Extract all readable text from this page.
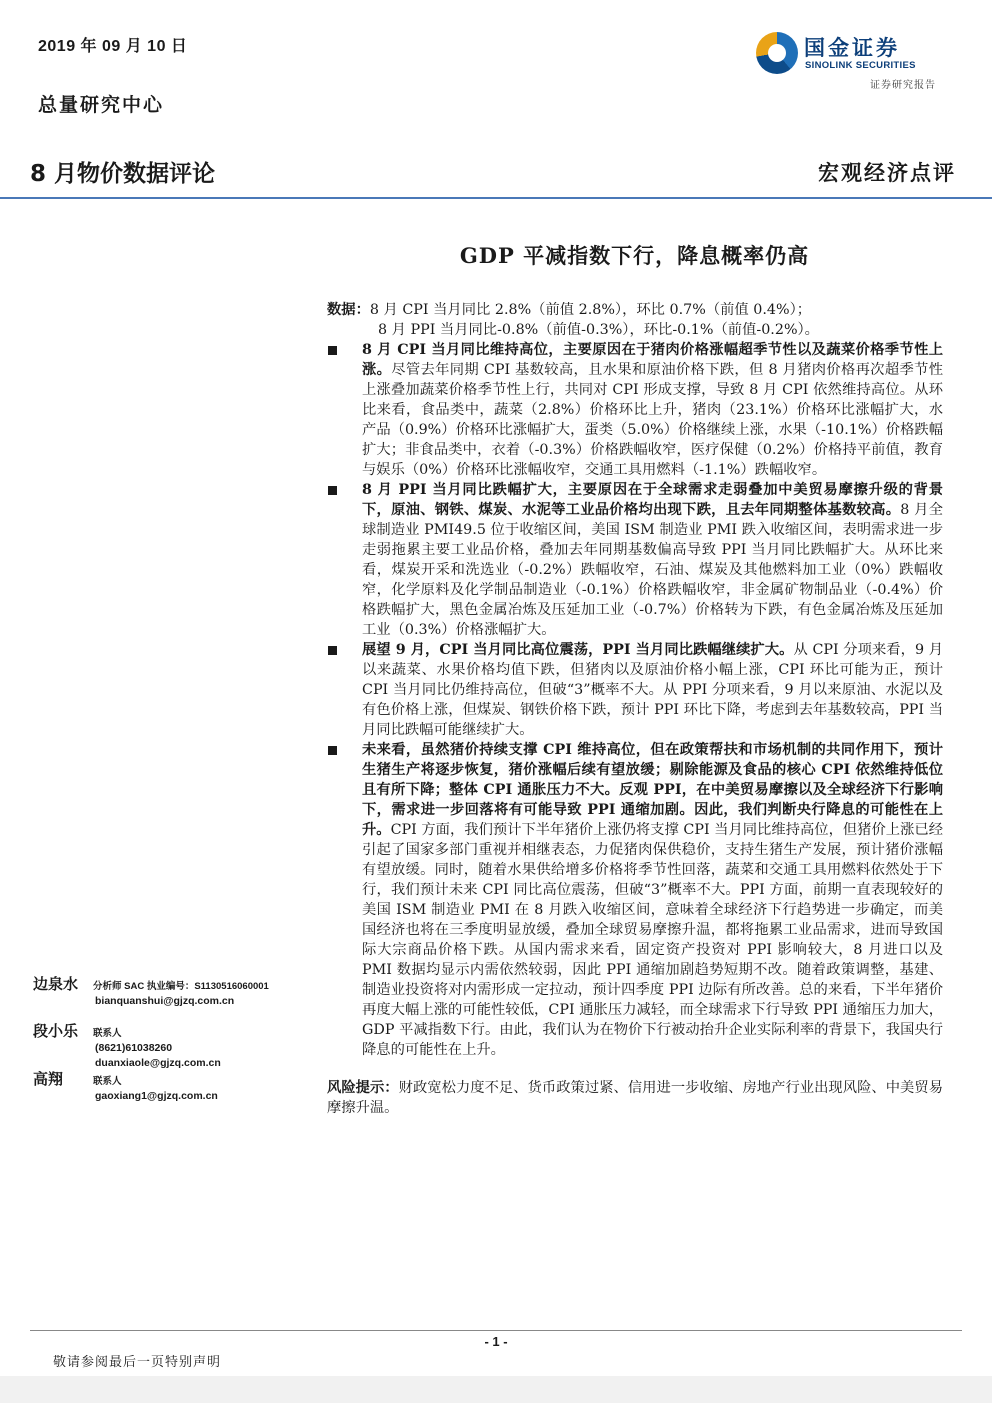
2019 年 09 月 10 日
总量研究中心
国金证券
SINOLINK SECURITIES
证券研究报告
8 月物价数据评论	宏观经济点评
GDP 平减指数下行，降息概率仍高

数据：8 月 CPI 当月同比 2.8%（前值 2.8%），环比 0.7%（前值 0.4%）；

8 月 PPI 当月同比-0.8%（前值-0.3%），环比-0.1%（前值-0.2%）。

8 月 CPI 当月同比维持高位，主要原因在于猪肉价格涨幅超季节性以及蔬菜价格季节性上涨。尽管去年同期 CPI 基数较高，且水果和原油价格下跌，但 8 月猪肉价格再次超季节性上涨叠加蔬菜价格季节性上行，共同对 CPI 形成支撑，导致 8 月 CPI 依然维持高位。从环比来看，食品类中，蔬菜（2.8%）价格环比上升，猪肉（23.1%）价格环比涨幅扩大，水产品（0.9%）价格环比涨幅扩大，蛋类（5.0%）价格继续上涨，水果（-10.1%）价格跌幅扩大；非食品类中，衣着（-0.3%）价格跌幅收窄，医疗保健（0.2%）价格持平前值，教育与娱乐（0%）价格环比涨幅收窄，交通工具用燃料（-1.1%）跌幅收窄。

8 月 PPI 当月同比跌幅扩大，主要原因在于全球需求走弱叠加中美贸易摩擦升级的背景下，原油、钢铁、煤炭、水泥等工业品价格均出现下跌，且去年同期整体基数较高。8 月全球制造业 PMI49.5 位于收缩区间，美国 ISM 制造业 PMI 跌入收缩区间，表明需求进一步走弱拖累主要工业品价格，叠加去年同期基数偏高导致 PPI 当月同比跌幅扩大。从环比来看，煤炭开采和洗选业（-0.2%）跌幅收窄，石油、煤炭及其他燃料加工业（0%）跌幅收窄，化学原料及化学制品制造业（-0.1%）价格跌幅收窄，非金属矿物制品业（-0.4%）价格跌幅扩大，黑色金属冶炼及压延加工业（-0.7%）价格转为下跌，有色金属冶炼及压延加工业（0.3%）价格涨幅扩大。

展望 9 月，CPI 当月同比高位震荡，PPI 当月同比跌幅继续扩大。从 CPI 分项来看，9 月以来蔬菜、水果价格均值下跌，但猪肉以及原油价格小幅上涨，CPI 环比可能为正，预计 CPI 当月同比仍维持高位，但破“3”概率不大。从 PPI 分项来看，9 月以来原油、水泥以及有色价格上涨，但煤炭、钢铁价格下跌，预计 PPI 环比下降，考虑到去年基数较高，PPI 当月同比跌幅可能继续扩大。

未来看，虽然猪价持续支撑 CPI 维持高位，但在政策帮扶和市场机制的共同作用下，预计生猪生产将逐步恢复，猪价涨幅后续有望放缓；剔除能源及食品的核心 CPI 依然维持低位且有所下降；整体 CPI 通胀压力不大。反观 PPI，在中美贸易摩擦以及全球经济下行影响下，需求进一步回落将有可能导致 PPI 通缩加剧。因此，我们判断央行降息的可能性在上升。CPI 方面，我们预计下半年猪价上涨仍将支撑 CPI 当月同比维持高位，但猪价上涨已经引起了国家多部门重视并相继表态，力促猪肉保供稳价，支持生猪生产发展，预计猪价涨幅有望放缓。同时，随着水果供给增多价格将季节性回落，蔬菜和交通工具用燃料依然处于下行，我们预计未来 CPI 同比高位震荡，但破“3”概率不大。PPI 方面，前期一直表现较好的美国 ISM 制造业 PMI 在 8 月跌入收缩区间，意味着全球经济下行趋势进一步确定，而美国经济也将在三季度明显放缓，叠加全球贸易摩擦升温，都将拖累工业品需求，进而导致国际大宗商品价格下跌。从国内需求来看，固定资产投资对 PPI 影响较大，8 月进口以及 PMI 数据均显示内需依然较弱，因此 PPI 通缩加剧趋势短期不改。随着政策调整，基建、制造业投资将对内需形成一定拉动，预计四季度 PPI 边际有所改善。总的来看，下半年猪价再度大幅上涨的可能性较低，CPI 通胀压力减轻，而全球需求下行导致 PPI 通缩压力加大，GDP 平减指数下行。由此，我们认为在物价下行被动抬升企业实际利率的背景下，我国央行降息的可能性在上升。

风险提示：财政宽松力度不足、货币政策过紧、信用进一步收缩、房地产行业出现风险、中美贸易摩擦升温。

边泉水 分析师 SAC 执业编号：S1130516060001
bianquanshui@gjzq.com.cn
段小乐 联系人
(8621)61038260
duanxiaole@gjzq.com.cn
高翔	联系人
gaoxiang1@gjzq.com.cn
- 1 -
敬请参阅最后一页特别声明
